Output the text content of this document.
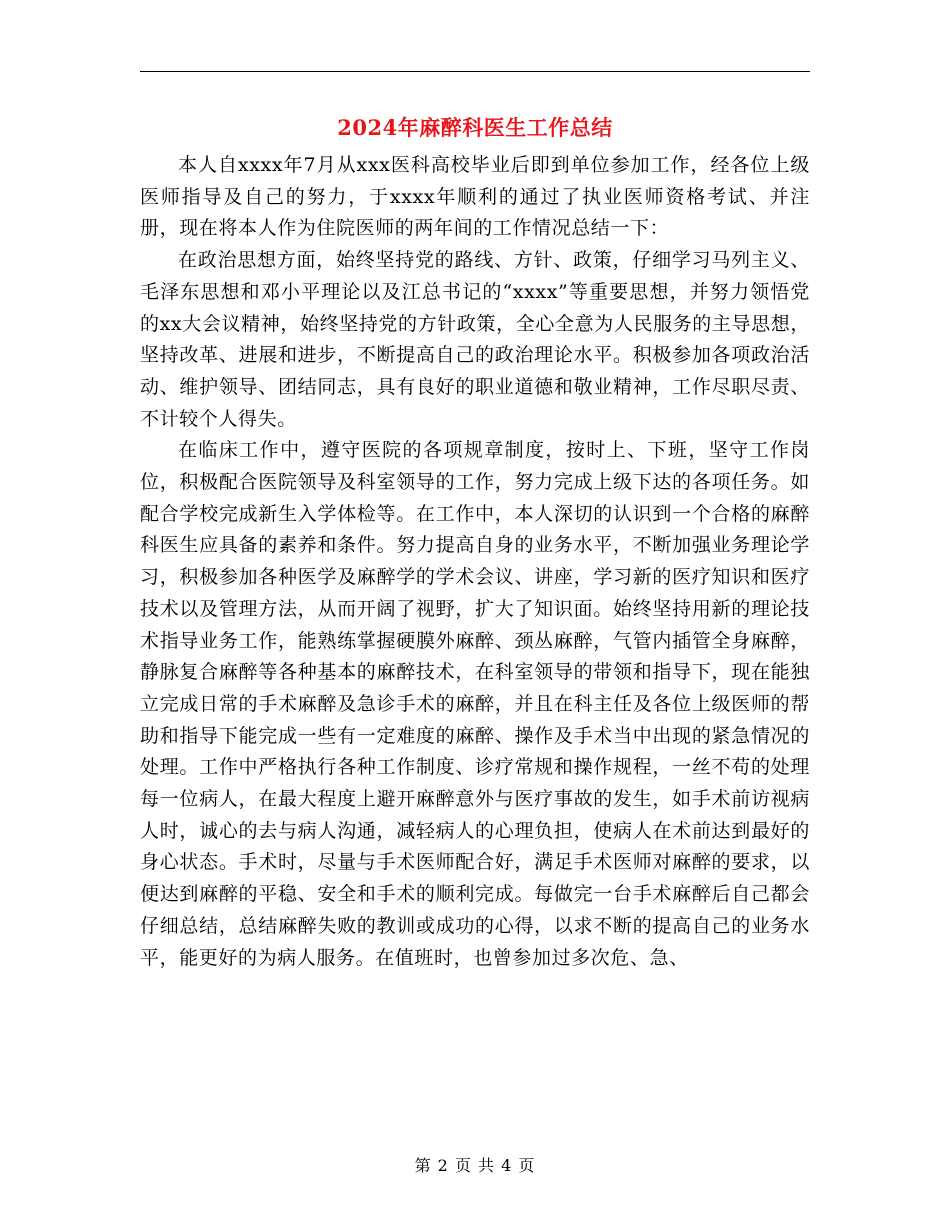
2024年麻醉科医生工作总结

本人自xxxx年7月从xxx医科高校毕业后即到单位参加工作，经各位上级医师指导及自己的努力，于xxxx年顺利的通过了执业医师资格考试、并注册，现在将本人作为住院医师的两年间的工作情况总结一下：

在政治思想方面，始终坚持党的路线、方针、政策，仔细学习马列主义、毛泽东思想和邓小平理论以及江总书记的“xxxx”等重要思想，并努力领悟党的xx大会议精神，始终坚持党的方针政策，全心全意为人民服务的主导思想，坚持改革、进展和进步，不断提高自己的政治理论水平。积极参加各项政治活动、维护领导、团结同志，具有良好的职业道德和敬业精神，工作尽职尽责、不计较个人得失。

在临床工作中，遵守医院的各项规章制度，按时上、下班，坚守工作岗位，积极配合医院领导及科室领导的工作，努力完成上级下达的各项任务。如配合学校完成新生入学体检等。在工作中，本人深切的认识到一个合格的麻醉科医生应具备的素养和条件。努力提高自身的业务水平，不断加强业务理论学习，积极参加各种医学及麻醉学的学术会议、讲座，学习新的医疗知识和医疗技术以及管理方法，从而开阔了视野，扩大了知识面。始终坚持用新的理论技术指导业务工作，能熟练掌握硬膜外麻醉、颈丛麻醉，气管内插管全身麻醉，静脉复合麻醉等各种基本的麻醉技术，在科室领导的带领和指导下，现在能独立完成日常的手术麻醉及急诊手术的麻醉，并且在科主任及各位上级医师的帮助和指导下能完成一些有一定难度的麻醉、操作及手术当中出现的紧急情况的处理。工作中严格执行各种工作制度、诊疗常规和操作规程，一丝不苟的处理每一位病人，在最大程度上避开麻醉意外与医疗事故的发生，如手术前访视病人时，诚心的去与病人沟通，减轻病人的心理负担，使病人在术前达到最好的身心状态。手术时，尽量与手术医师配合好，满足手术医师对麻醉的要求，以便达到麻醉的平稳、安全和手术的顺利完成。每做完一台手术麻醉后自己都会仔细总结，总结麻醉失败的教训或成功的心得，以求不断的提高自己的业务水平，能更好的为病人服务。在值班时，也曾参加过多次危、急、

第 2 页 共 4 页
